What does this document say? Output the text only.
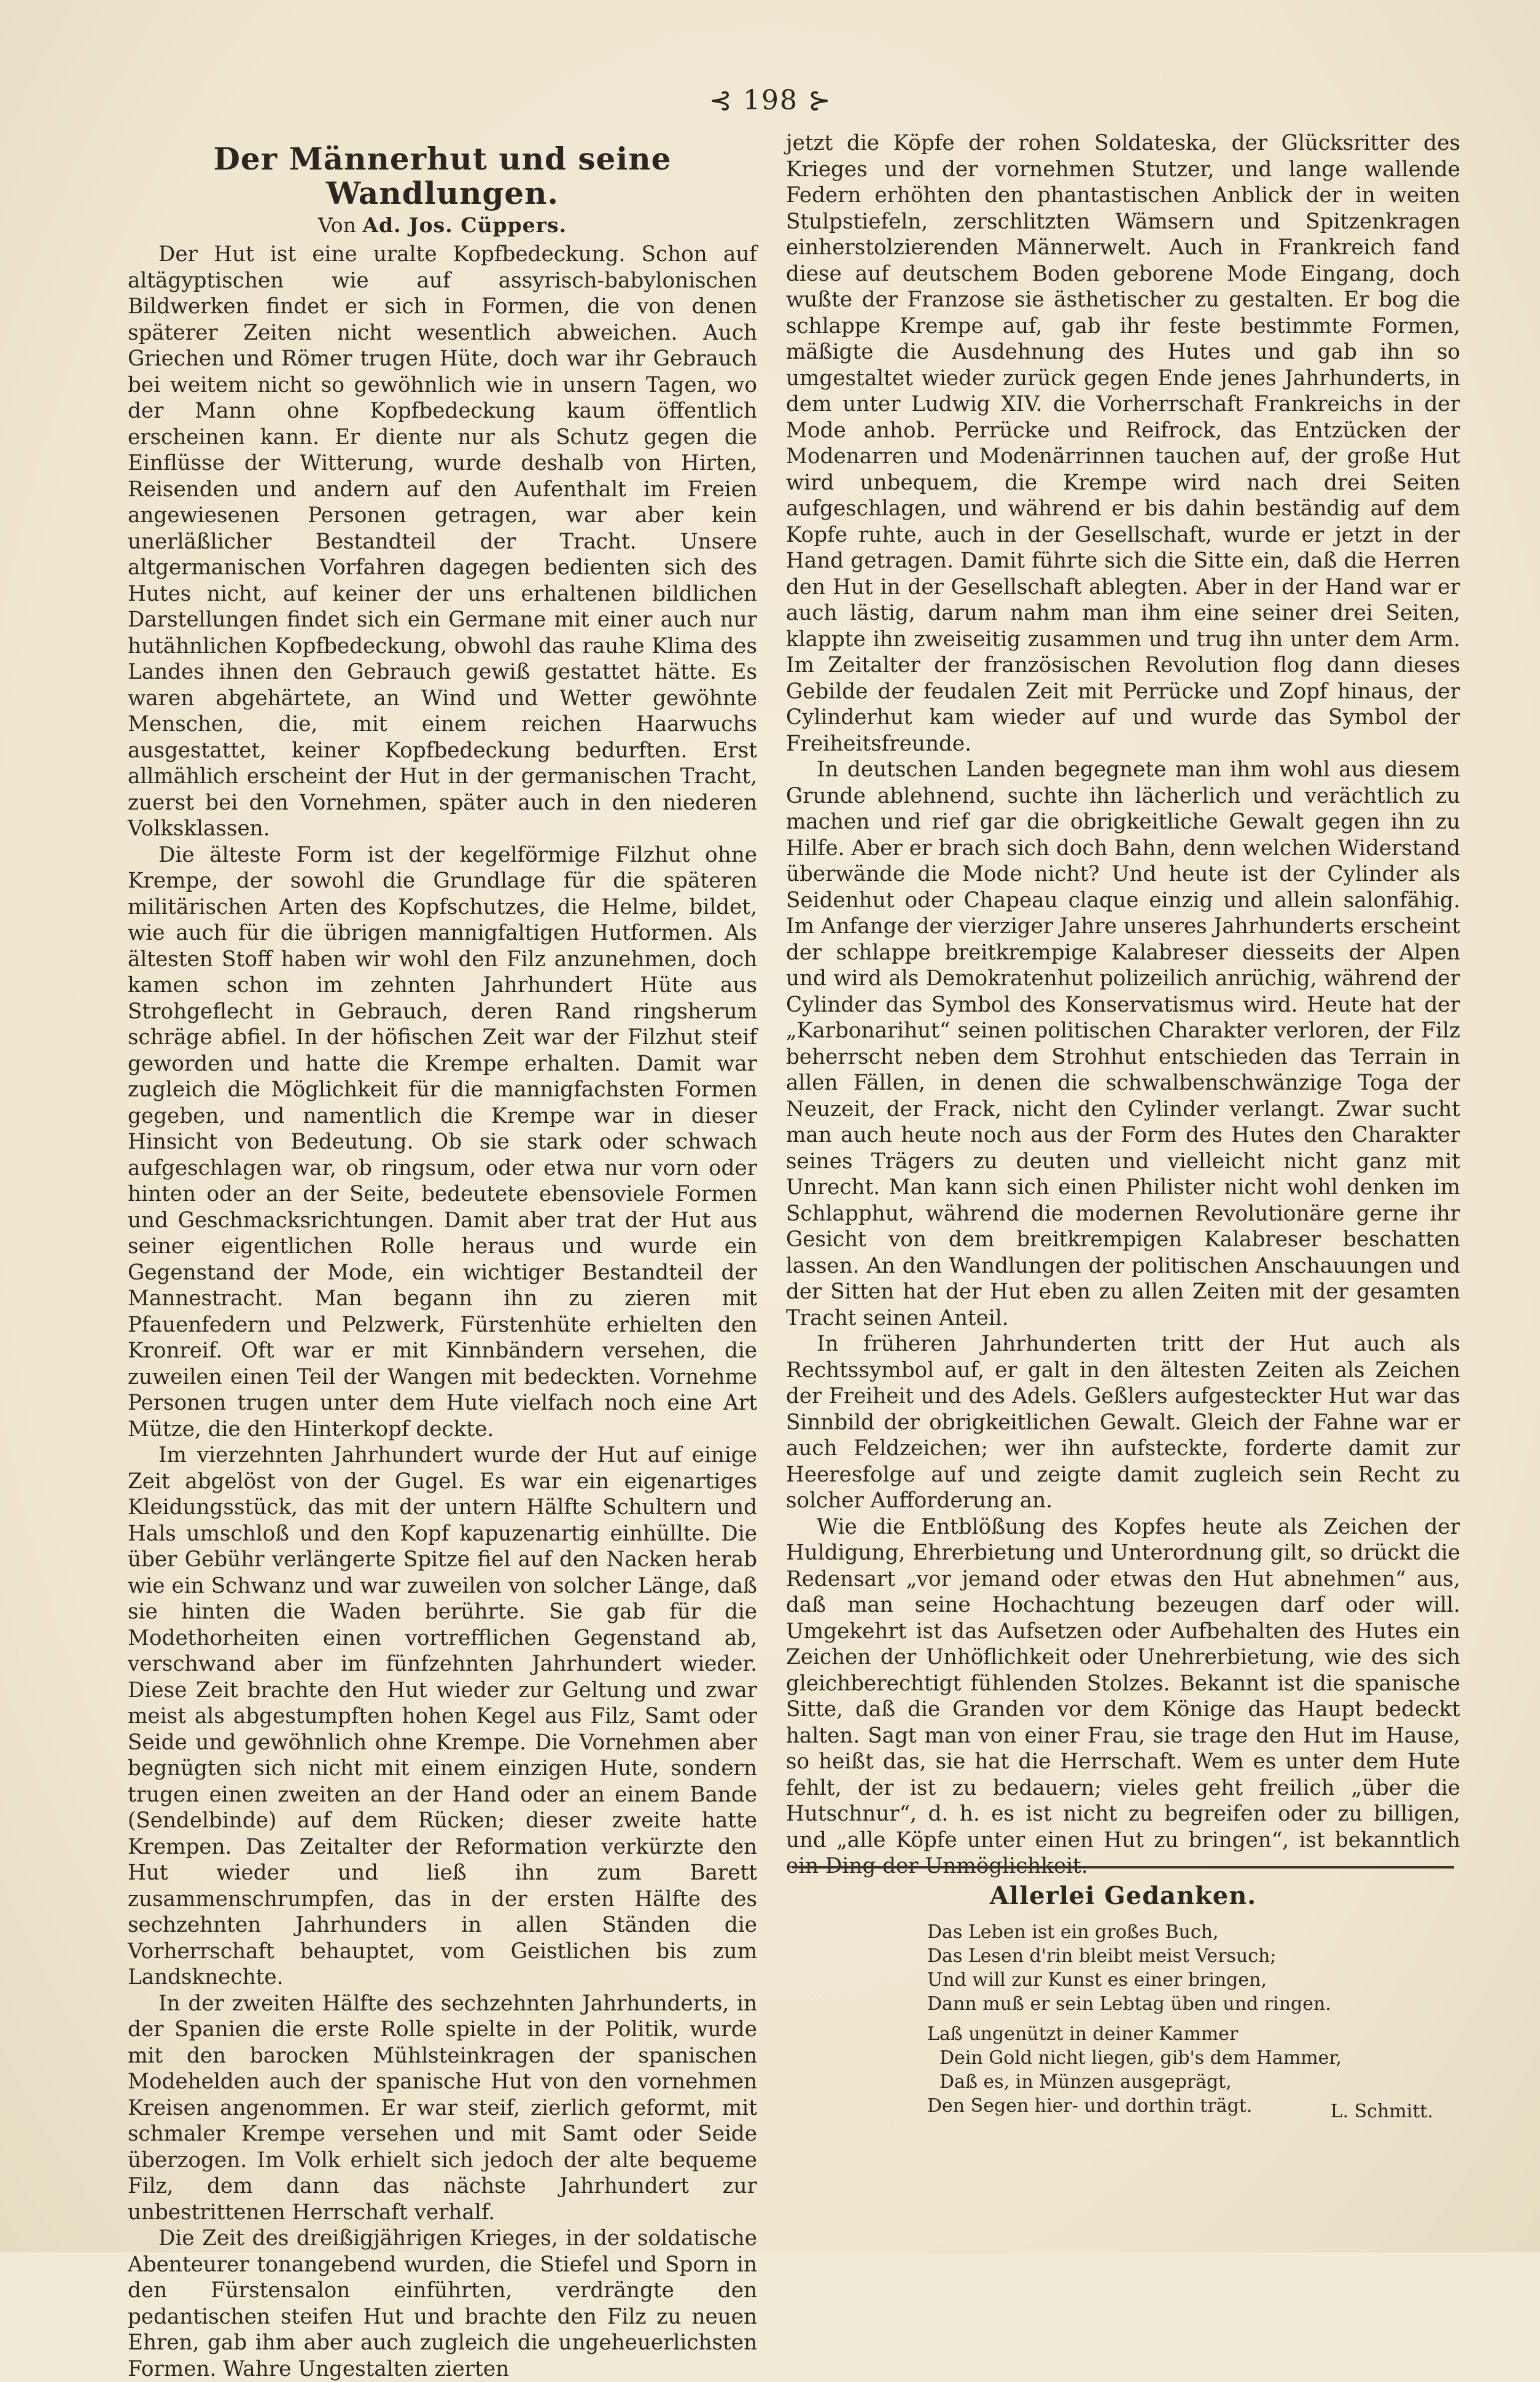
⊰ 198 ⊱
Der Männerhut und seine Wandlungen.
Von Ad. Jos. Cüppers.

Der Hut ist eine uralte Kopfbedeckung. Schon auf altägyptischen wie auf assyrisch-babylonischen Bildwerken findet er sich in Formen, die von denen späterer Zeiten nicht wesentlich abweichen. Auch Griechen und Römer trugen Hüte, doch war ihr Gebrauch bei weitem nicht so gewöhnlich wie in unsern Tagen, wo der Mann ohne Kopfbedeckung kaum öffentlich erscheinen kann. Er diente nur als Schutz gegen die Einflüsse der Witterung, wurde deshalb von Hirten, Reisenden und andern auf den Aufenthalt im Freien angewiesenen Personen getragen, war aber kein unerläßlicher Bestandteil der Tracht. Unsere altgermanischen Vorfahren dagegen bedienten sich des Hutes nicht, auf keiner der uns erhaltenen bildlichen Darstellungen findet sich ein Germane mit einer auch nur hutähnlichen Kopfbedeckung, obwohl das rauhe Klima des Landes ihnen den Gebrauch gewiß gestattet hätte. Es waren abgehärtete, an Wind und Wetter gewöhnte Menschen, die, mit einem reichen Haarwuchs ausgestattet, keiner Kopfbedeckung bedurften. Erst allmählich erscheint der Hut in der germanischen Tracht, zuerst bei den Vornehmen, später auch in den niederen Volksklassen.

Die älteste Form ist der kegelförmige Filzhut ohne Krempe, der sowohl die Grundlage für die späteren militärischen Arten des Kopfschutzes, die Helme, bildet, wie auch für die übrigen mannigfaltigen Hutformen. Als ältesten Stoff haben wir wohl den Filz anzunehmen, doch kamen schon im zehnten Jahrhundert Hüte aus Strohgeflecht in Gebrauch, deren Rand ringsherum schräge abfiel. In der höfischen Zeit war der Filzhut steif geworden und hatte die Krempe erhalten. Damit war zugleich die Möglichkeit für die mannigfachsten Formen gegeben, und namentlich die Krempe war in dieser Hinsicht von Bedeutung. Ob sie stark oder schwach aufgeschlagen war, ob ringsum, oder etwa nur vorn oder hinten oder an der Seite, bedeutete ebensoviele Formen und Geschmacksrichtungen. Damit aber trat der Hut aus seiner eigentlichen Rolle heraus und wurde ein Gegenstand der Mode, ein wichtiger Bestandteil der Mannestracht. Man begann ihn zu zieren mit Pfauenfedern und Pelzwerk, Fürstenhüte erhielten den Kronreif. Oft war er mit Kinnbändern versehen, die zuweilen einen Teil der Wangen mit bedeckten. Vornehme Personen trugen unter dem Hute vielfach noch eine Art Mütze, die den Hinterkopf deckte.

Im vierzehnten Jahrhundert wurde der Hut auf einige Zeit abgelöst von der Gugel. Es war ein eigenartiges Kleidungsstück, das mit der untern Hälfte Schultern und Hals umschloß und den Kopf kapuzenartig einhüllte. Die über Gebühr verlängerte Spitze fiel auf den Nacken herab wie ein Schwanz und war zuweilen von solcher Länge, daß sie hinten die Waden berührte. Sie gab für die Modethorheiten einen vortrefflichen Gegenstand ab, verschwand aber im fünfzehnten Jahrhundert wieder. Diese Zeit brachte den Hut wieder zur Geltung und zwar meist als abgestumpften hohen Kegel aus Filz, Samt oder Seide und gewöhnlich ohne Krempe. Die Vornehmen aber begnügten sich nicht mit einem einzigen Hute, sondern trugen einen zweiten an der Hand oder an einem Bande (Sendelbinde) auf dem Rücken; dieser zweite hatte Krempen. Das Zeitalter der Reformation verkürzte den Hut wieder und ließ ihn zum Barett zusammenschrumpfen, das in der ersten Hälfte des sechzehnten Jahrhunders in allen Ständen die Vorherrschaft behauptet, vom Geistlichen bis zum Landsknechte.

In der zweiten Hälfte des sechzehnten Jahrhunderts, in der Spanien die erste Rolle spielte in der Politik, wurde mit den barocken Mühlsteinkragen der spanischen Modehelden auch der spanische Hut von den vornehmen Kreisen angenommen. Er war steif, zierlich geformt, mit schmaler Krempe versehen und mit Samt oder Seide überzogen. Im Volk erhielt sich jedoch der alte bequeme Filz, dem dann das nächste Jahrhundert zur unbestrittenen Herrschaft verhalf.

Die Zeit des dreißigjährigen Krieges, in der soldatische Abenteurer tonangebend wurden, die Stiefel und Sporn in den Fürstensalon einführten, verdrängte den pedantischen steifen Hut und brachte den Filz zu neuen Ehren, gab ihm aber auch zugleich die ungeheuerlichsten Formen. Wahre Ungestalten zierten

jetzt die Köpfe der rohen Soldateska, der Glücksritter des Krieges und der vornehmen Stutzer, und lange wallende Federn erhöhten den phantastischen Anblick der in weiten Stulpstiefeln, zerschlitzten Wämsern und Spitzenkragen einherstolzierenden Männerwelt. Auch in Frankreich fand diese auf deutschem Boden geborene Mode Eingang, doch wußte der Franzose sie ästhetischer zu gestalten. Er bog die schlappe Krempe auf, gab ihr feste bestimmte Formen, mäßigte die Ausdehnung des Hutes und gab ihn so umgestaltet wieder zurück gegen Ende jenes Jahrhunderts, in dem unter Ludwig XIV. die Vorherrschaft Frankreichs in der Mode anhob. Perrücke und Reifrock, das Entzücken der Modenarren und Modenärrinnen tauchen auf, der große Hut wird unbequem, die Krempe wird nach drei Seiten aufgeschlagen, und während er bis dahin beständig auf dem Kopfe ruhte, auch in der Gesellschaft, wurde er jetzt in der Hand getragen. Damit führte sich die Sitte ein, daß die Herren den Hut in der Gesellschaft ablegten. Aber in der Hand war er auch lästig, darum nahm man ihm eine seiner drei Seiten, klappte ihn zweiseitig zusammen und trug ihn unter dem Arm. Im Zeitalter der französischen Revolution flog dann dieses Gebilde der feudalen Zeit mit Perrücke und Zopf hinaus, der Cylinderhut kam wieder auf und wurde das Symbol der Freiheitsfreunde.

In deutschen Landen begegnete man ihm wohl aus diesem Grunde ablehnend, suchte ihn lächerlich und verächtlich zu machen und rief gar die obrigkeitliche Gewalt gegen ihn zu Hilfe. Aber er brach sich doch Bahn, denn welchen Widerstand überwände die Mode nicht? Und heute ist der Cylinder als Seidenhut oder Chapeau claque einzig und allein salonfähig. Im Anfange der vierziger Jahre unseres Jahrhunderts erscheint der schlappe breitkrempige Kalabreser diesseits der Alpen und wird als Demokratenhut polizeilich anrüchig, während der Cylinder das Symbol des Konservatismus wird. Heute hat der „Karbonarihut“ seinen politischen Charakter verloren, der Filz beherrscht neben dem Strohhut entschieden das Terrain in allen Fällen, in denen die schwalbenschwänzige Toga der Neuzeit, der Frack, nicht den Cylinder verlangt. Zwar sucht man auch heute noch aus der Form des Hutes den Charakter seines Trägers zu deuten und vielleicht nicht ganz mit Unrecht. Man kann sich einen Philister nicht wohl denken im Schlapphut, während die modernen Revolutionäre gerne ihr Gesicht von dem breitkrempigen Kalabreser beschatten lassen. An den Wandlungen der politischen Anschauungen und der Sitten hat der Hut eben zu allen Zeiten mit der gesamten Tracht seinen Anteil.

In früheren Jahrhunderten tritt der Hut auch als Rechtssymbol auf, er galt in den ältesten Zeiten als Zeichen der Freiheit und des Adels. Geßlers aufgesteckter Hut war das Sinnbild der obrigkeitlichen Gewalt. Gleich der Fahne war er auch Feldzeichen; wer ihn aufsteckte, forderte damit zur Heeresfolge auf und zeigte damit zugleich sein Recht zu solcher Aufforderung an.

Wie die Entblößung des Kopfes heute als Zeichen der Huldigung, Ehrerbietung und Unterordnung gilt, so drückt die Redensart „vor jemand oder etwas den Hut abnehmen“ aus, daß man seine Hochachtung bezeugen darf oder will. Umgekehrt ist das Aufsetzen oder Aufbehalten des Hutes ein Zeichen der Unhöflichkeit oder Unehrerbietung, wie des sich gleichberechtigt fühlenden Stolzes. Bekannt ist die spanische Sitte, daß die Granden vor dem Könige das Haupt bedeckt halten. Sagt man von einer Frau, sie trage den Hut im Hause, so heißt das, sie hat die Herrschaft. Wem es unter dem Hute fehlt, der ist zu bedauern; vieles geht freilich „über die Hutschnur“, d. h. es ist nicht zu begreifen oder zu billigen, und „alle Köpfe unter einen Hut zu bringen“, ist bekanntlich ein Ding der Unmöglichkeit.

Allerlei Gedanken.
Das Leben ist ein großes Buch,
Das Lesen d'rin bleibt meist Versuch;
Und will zur Kunst es einer bringen,
Dann muß er sein Lebtag üben und ringen.
Laß ungenützt in deiner Kammer
Dein Gold nicht liegen, gib's dem Hammer,
Daß es, in Münzen ausgeprägt,
Den Segen hier- und dorthin trägt.	L. Schmitt.
